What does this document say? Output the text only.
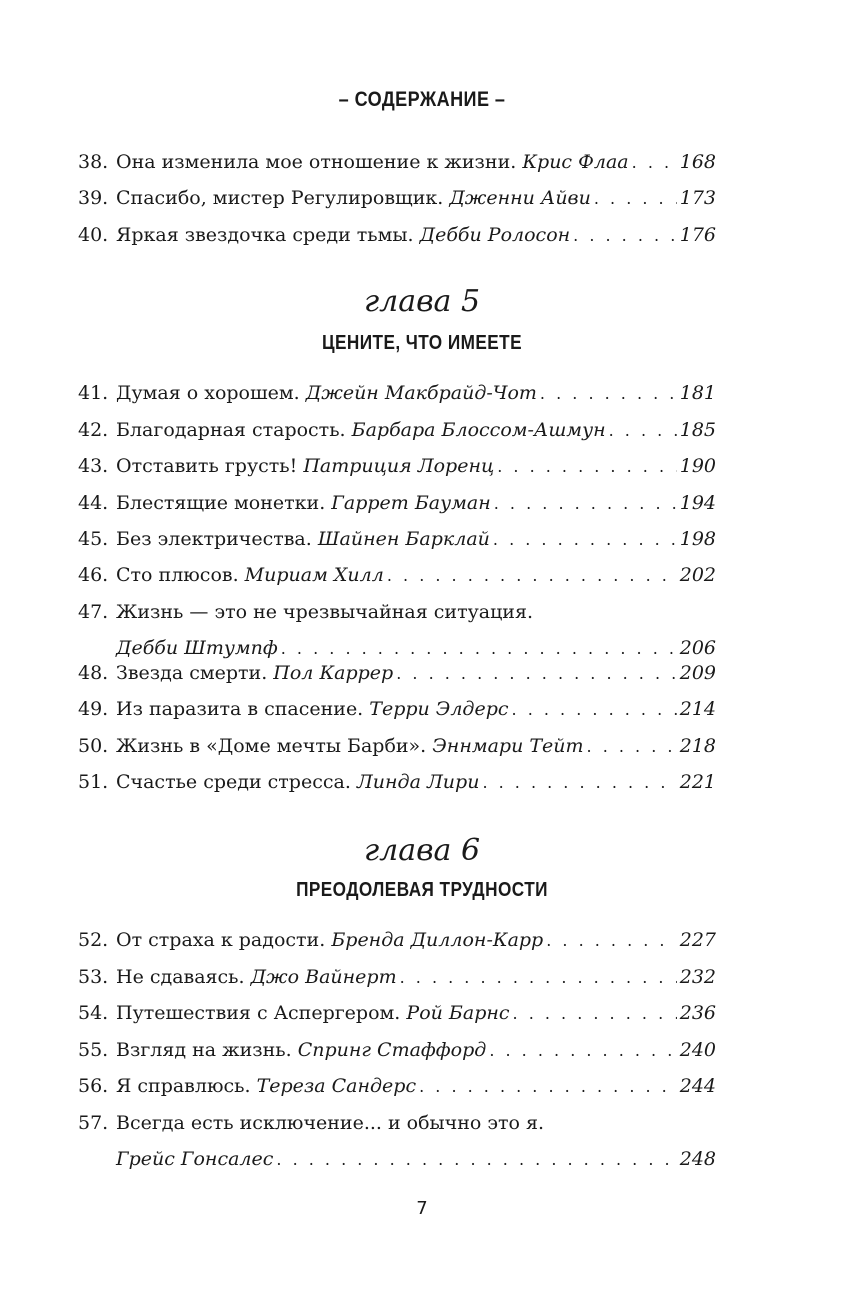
– СОДЕРЖАНИЕ –
38. Она изменила мое отношение к жизни.
Крис Флаа . . .	168
39. Спасибо, мистер Регулировщик.
Дженни Айви . . .	173
40. Яркая звездочка среди тьмы.
Дебби Ролосон . . .	176
глава 5
ЦЕНИТЕ, ЧТО ИМЕЕТЕ
41. Думая о хорошем.
Джейн Макбрайд-Чот . . .	181
42. Благодарная старость.
Барбара Блоссом-Ашмун . . .	185
43. Отставить грусть!
Патриция Лоренц . . .	190
44. Блестящие монетки.
Гаррет Бауман . . .	194
45. Без электричества.
Шайнен Барклай . . .	198
46. Сто плюсов.
Мириам Хилл . . .	202
47. Жизнь — это не чрезвычайная ситуация.
Дебби Штумпф . . .	206
48. Звезда смерти.
Пол Каррер . . .	209
49. Из паразита в спасение.
Терри Элдерс . . .	214
50. Жизнь в «Доме мечты Барби».
Эннмари Тейт . . .	218
51. Счастье среди стресса.
Линда Лири . . .	221
глава 6
ПРЕОДОЛЕВАЯ ТРУДНОСТИ
52. От страха к радости.
Бренда Диллон-Карр . . .	227
53. Не сдаваясь.
Джо Вайнерт . . .	232
54. Путешествия с Аспергером.
Рой Барнс . . .	236
55. Взгляд на жизнь.
Спринг Стаффорд . . .	240
56. Я справлюсь.
Тереза Сандерс . . .	244
57. Всегда есть исключение... и обычно это я.
Грейс Гонсалес . . .	248
7
